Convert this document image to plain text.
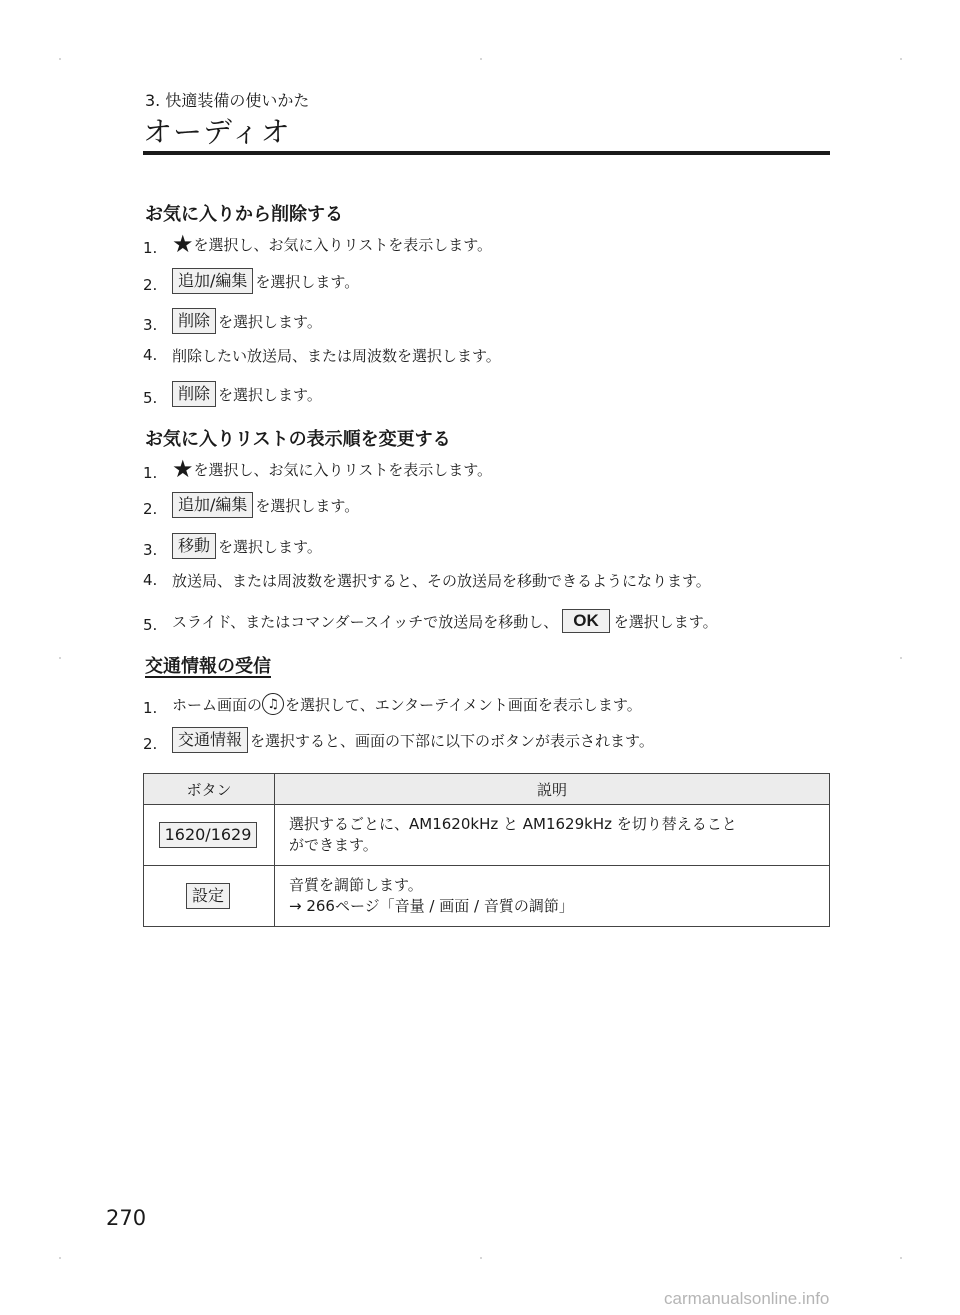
3. 快適装備の使いかた
オーディオ
お気に入りから削除する
1. ★ を選択し、お気に入りリストを表示します。
2.	追加/編集 を選択します。
3.	削除 を選択します。
4. 削除したい放送局、または周波数を選択します。
5.	削除 を選択します。
お気に入りリストの表示順を変更する
1. ★ を選択し、お気に入りリストを表示します。
2.	追加/編集 を選択します。
3.	移動 を選択します。
4. 放送局、または周波数を選択すると、その放送局を移動できるようになります。
5. スライド、またはコマンダースイッチで放送局を移動し、 OK	を選択します。
交通情報の受信
1. ホーム画面の ♫ を選択して、エンターテイメント画面を表示します。
2.	交通情報 を選択すると、画面の下部に以下のボタンが表示されます。
ボタン	説明
1620/1629	選択するごとに、AM1620kHz と AM1629kHz を切り替えること
ができます。

設定	音質を調節します。
→ 266ページ「音量 / 画面 / 音質の調節」
270
carmanualsonline.info
